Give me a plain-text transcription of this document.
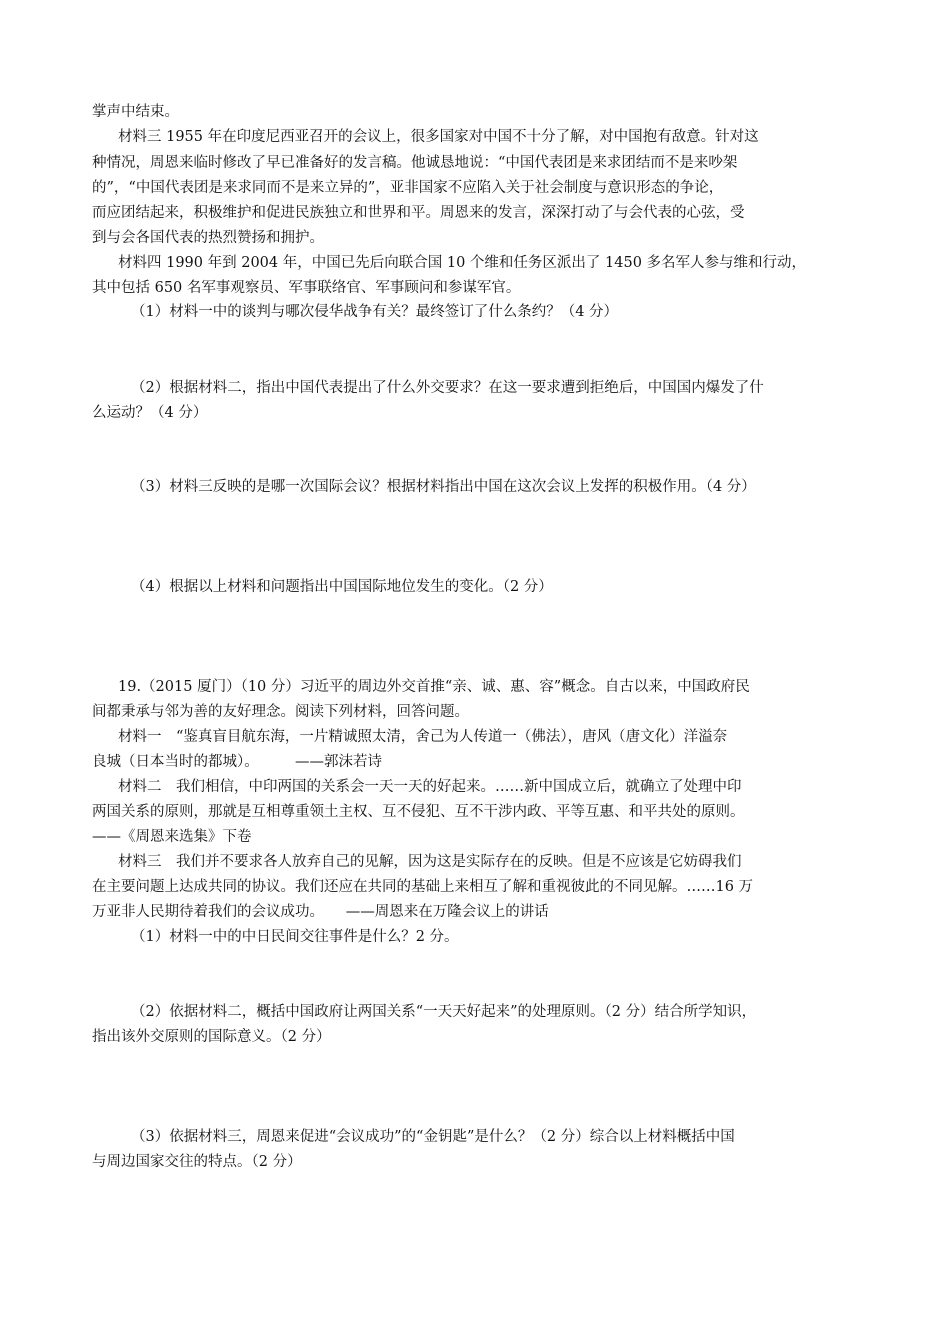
掌声中结束。
材料三 1955 年在印度尼西亚召开的会议上，很多国家对中国不十分了解，对中国抱有敌意。针对这
种情况，周恩来临时修改了早已准备好的发言稿。他诚恳地说：“中国代表团是来求团结而不是来吵架
的”，“中国代表团是来求同而不是来立异的”，亚非国家不应陷入关于社会制度与意识形态的争论，
而应团结起来，积极维护和促进民族独立和世界和平。周恩来的发言，深深打动了与会代表的心弦，受
到与会各国代表的热烈赞扬和拥护。
材料四 1990 年到 2004 年，中国已先后向联合国 10 个维和任务区派出了 1450 多名军人参与维和行动，
其中包括 650 名军事观察员、军事联络官、军事顾问和参谋军官。
（1）材料一中的谈判与哪次侵华战争有关？最终签订了什么条约？（4 分）
（2）根据材料二，指出中国代表提出了什么外交要求？在这一要求遭到拒绝后，中国国内爆发了什
么运动？（4 分）
（3）材料三反映的是哪一次国际会议？根据材料指出中国在这次会议上发挥的积极作用。（4 分）
（4）根据以上材料和问题指出中国国际地位发生的变化。（2 分）
19.（2015 厦门）（10 分）习近平的周边外交首推“亲、诚、惠、容”概念。自古以来，中国政府民
间都秉承与邻为善的友好理念。阅读下列材料，回答问题。
材料一　“鉴真盲目航东海，一片精诚照太清，舍己为人传道一（佛法），唐风（唐文化）洋溢奈
良城（日本当时的都城）。　　　——郭沫若诗
材料二　我们相信，中印两国的关系会一天一天的好起来。……新中国成立后，就确立了处理中印
两国关系的原则，那就是互相尊重领土主权、互不侵犯、互不干涉内政、平等互惠、和平共处的原则。
——《周恩来选集》下卷
材料三　我们并不要求各人放弃自己的见解，因为这是实际存在的反映。但是不应该是它妨碍我们
在主要问题上达成共同的协议。我们还应在共同的基础上来相互了解和重视彼此的不同见解。……16 万
万亚非人民期待着我们的会议成功。　　——周恩来在万隆会议上的讲话
（1）材料一中的中日民间交往事件是什么？2 分。
（2）依据材料二，概括中国政府让两国关系“一天天好起来”的处理原则。（2 分）结合所学知识，
指出该外交原则的国际意义。（2 分）
（3）依据材料三，周恩来促进“会议成功”的“金钥匙”是什么？（2 分）综合以上材料概括中国
与周边国家交往的特点。（2 分）
